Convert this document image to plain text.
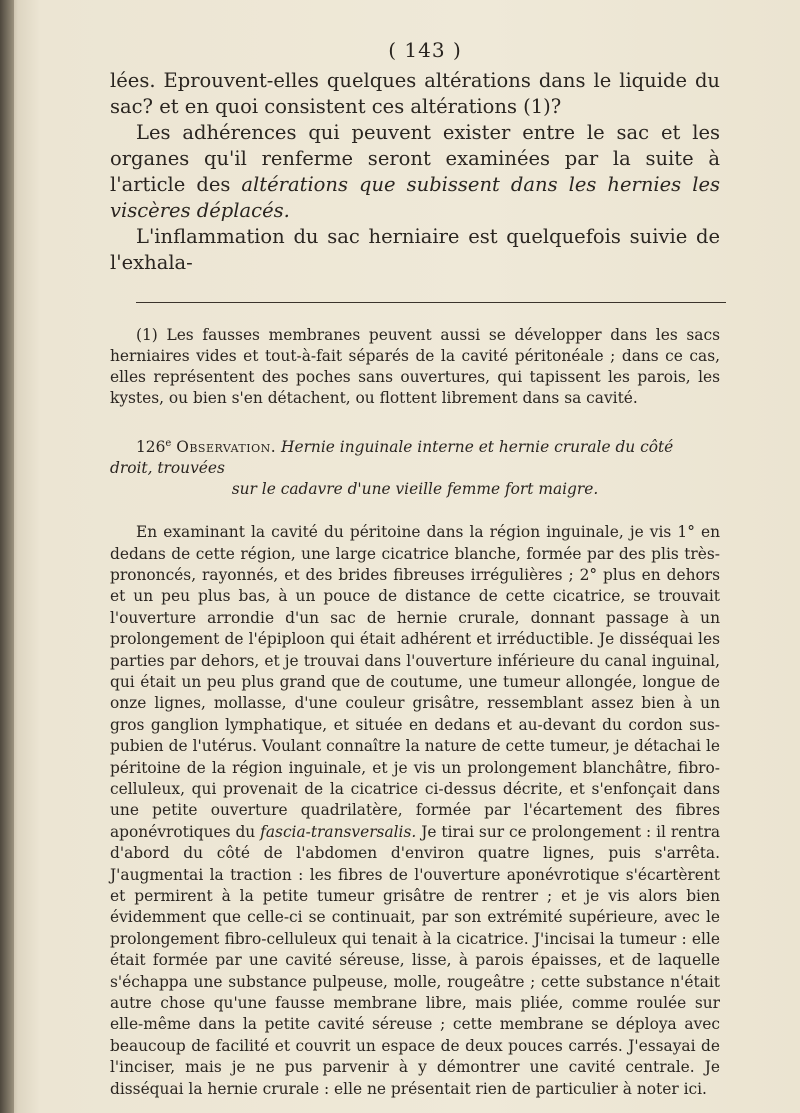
( 143 )

lées. Eprouvent-elles quelques altérations dans le liquide du sac? et en quoi consistent ces altérations (1)?

Les adhérences qui peuvent exister entre le sac et les organes qu'il renferme seront examinées par la suite à l'article des altérations que subissent dans les hernies les viscères déplacés.

L'inflammation du sac herniaire est quelquefois suivie de l'exhala-

(1) Les fausses membranes peuvent aussi se développer dans les sacs herniaires vides et tout-à-fait séparés de la cavité péritonéale ; dans ce cas, elles représentent des poches sans ouvertures, qui tapissent les parois, les kystes, ou bien s'en détachent, ou flottent librement dans sa cavité.

126e Observation. Hernie inguinale interne et hernie crurale du côté droit, trouvées
sur le cadavre d'une vieille femme fort maigre.

En examinant la cavité du péritoine dans la région inguinale, je vis 1° en dedans de cette région, une large cicatrice blanche, formée par des plis très-prononcés, rayonnés, et des brides fibreuses irrégulières ; 2° plus en dehors et un peu plus bas, à un pouce de distance de cette cicatrice, se trouvait l'ouverture arrondie d'un sac de hernie crurale, donnant passage à un prolongement de l'épiploon qui était adhérent et irréductible. Je disséquai les parties par dehors, et je trouvai dans l'ouverture inférieure du canal inguinal, qui était un peu plus grand que de coutume, une tumeur allongée, longue de onze lignes, mollasse, d'une couleur grisâtre, ressemblant assez bien à un gros ganglion lymphatique, et située en dedans et au-devant du cordon sus-pubien de l'utérus. Voulant connaître la nature de cette tumeur, je détachai le péritoine de la région inguinale, et je vis un prolongement blanchâtre, fibro-celluleux, qui provenait de la cicatrice ci-dessus décrite, et s'enfonçait dans une petite ouverture quadrilatère, formée par l'écartement des fibres aponévrotiques du fascia-transversalis. Je tirai sur ce prolongement : il rentra d'abord du côté de l'abdomen d'environ quatre lignes, puis s'arrêta. J'augmentai la traction : les fibres de l'ouverture aponévrotique s'écartèrent et permirent à la petite tumeur grisâtre de rentrer ; et je vis alors bien évidemment que celle-ci se continuait, par son extrémité supérieure, avec le prolongement fibro-celluleux qui tenait à la cicatrice. J'incisai la tumeur : elle était formée par une cavité séreuse, lisse, à parois épaisses, et de laquelle s'échappa une substance pulpeuse, molle, rougeâtre ; cette substance n'était autre chose qu'une fausse membrane libre, mais pliée, comme roulée sur elle-même dans la petite cavité séreuse ; cette membrane se déploya avec beaucoup de facilité et couvrit un espace de deux pouces carrés. J'essayai de l'inciser, mais je ne pus parvenir à y démontrer une cavité centrale. Je disséquai la hernie crurale : elle ne présentait rien de particulier à noter ici.
